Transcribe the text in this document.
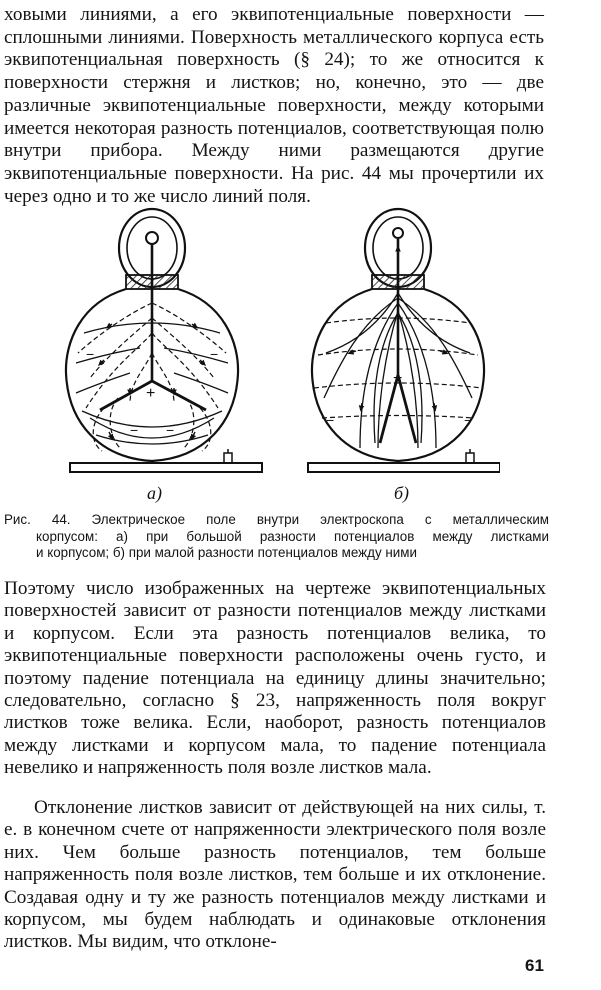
ховыми линиями, а его эквипотенциальные поверхности — сплошными линиями. Поверхность металлического корпуса есть эквипотенциальная поверхность (§ 24); то же относится к поверхности стержня и листков; но, конечно, это — две различные эквипотенциальные поверхности, между которыми имеется некоторая разность потенциалов, соответствующая полю внутри прибора. Между ними размещаются другие эквипотенциальные поверхности. На рис. 44 мы прочертили их через одно и то же число линий поля.

+
−	−
− −
+
−	−
а)	б)

Рис. 44. Электрическое поле внутри электроскопа с металлическим
корпусом: а) при большой разности потенциалов между листками
и корпусом; б) при малой разности потенциалов между ними

Поэтому число изображенных на чертеже эквипотенциальных поверхностей зависит от разности потенциалов между листками и корпусом. Если эта разность потенциалов велика, то эквипотенциальные поверхности расположены очень густо, и поэтому падение потенциала на единицу длины значительно; следовательно, согласно § 23, напряженность поля вокруг листков тоже велика. Если, наоборот, разность потенциалов между листками и корпусом мала, то падение потенциала невелико и напряженность поля возле листков мала.

Отклонение листков зависит от действующей на них силы, т. е. в конечном счете от напряженности электрического поля возле них. Чем больше разность потенциалов, тем больше напряженность поля возле листков, тем больше и их отклонение. Создавая одну и ту же разность потенциалов между листками и корпусом, мы будем наблюдать и одинаковые отклонения листков. Мы видим, что отклоне-

61
